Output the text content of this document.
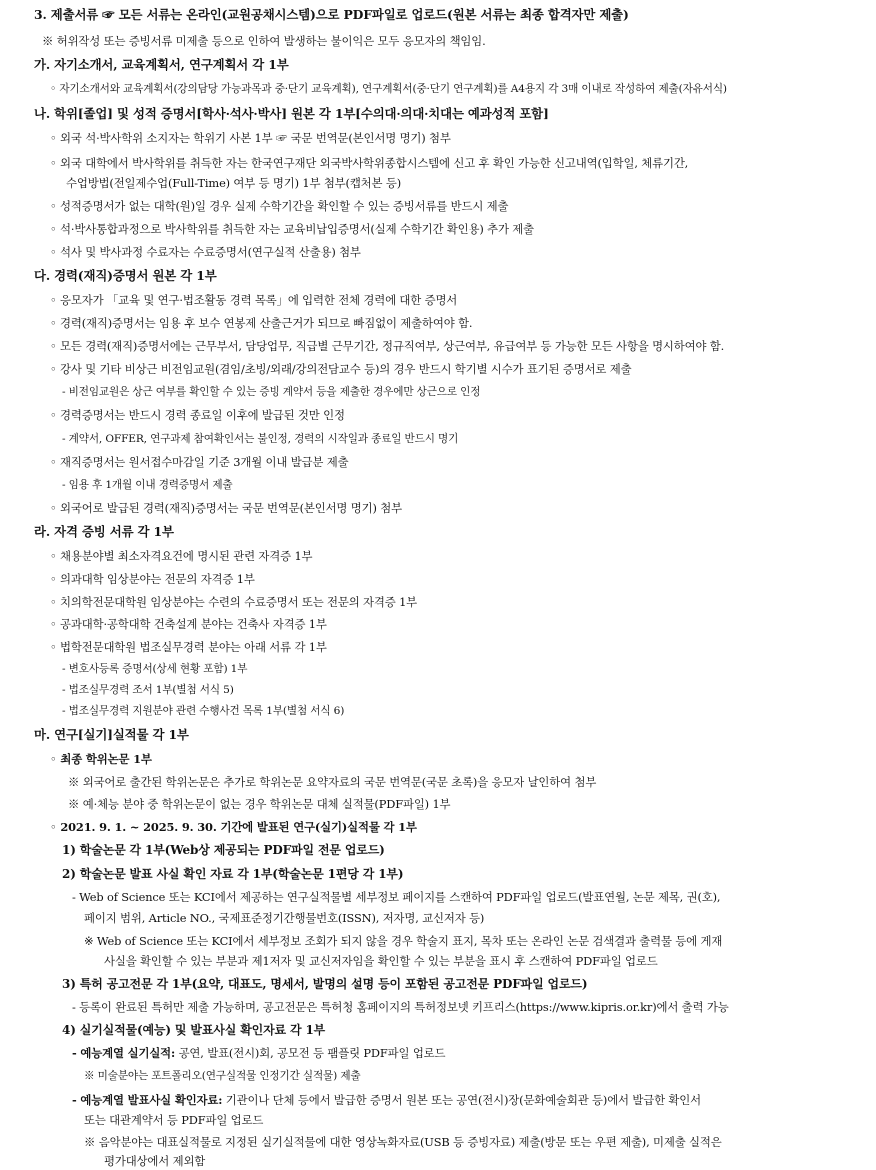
3. 제출서류 ☞ 모든 서류는 온라인(교원공채시스템)으로 PDF파일로 업로드(원본 서류는 최종 합격자만 제출)
※ 허위작성 또는 증빙서류 미제출 등으로 인하여 발생하는 불이익은 모두 응모자의 책임임.
가. 자기소개서, 교육계획서, 연구계획서 각 1부
◦ 자기소개서와 교육계획서(강의담당 가능과목과 중·단기 교육계획), 연구계획서(중·단기 연구계획)를 A4용지 각 3매 이내로 작성하여 제출(자유서식)
나. 학위[졸업] 및 성적 증명서[학사·석사·박사] 원본 각 1부[수의대·의대·치대는 예과성적 포함]
◦ 외국 석·박사학위 소지자는 학위기 사본 1부 ☞ 국문 번역문(본인서명 명기) 첨부
◦ 외국 대학에서 박사학위를 취득한 자는 한국연구재단 외국박사학위종합시스템에 신고 후 확인 가능한 신고내역(입학일, 체류기간,
수업방법(전일제수업(Full-Time) 여부 등 명기) 1부 첨부(캡처본 등)
◦ 성적증명서가 없는 대학(원)일 경우 실제 수학기간을 확인할 수 있는 증빙서류를 반드시 제출
◦ 석·박사통합과정으로 박사학위를 취득한 자는 교육비납입증명서(실제 수학기간 확인용) 추가 제출
◦ 석사 및 박사과정 수료자는 수료증명서(연구실적 산출용) 첨부
다. 경력(재직)증명서 원본 각 1부
◦ 응모자가 「교육 및 연구·법조활동 경력 목록」에 입력한 전체 경력에 대한 증명서
◦ 경력(재직)증명서는 임용 후 보수 연봉제 산출근거가 되므로 빠짐없이 제출하여야 함.
◦ 모든 경력(재직)증명서에는 근무부서, 담당업무, 직급별 근무기간, 정규직여부, 상근여부, 유급여부 등 가능한 모든 사항을 명시하여야 함.
◦ 강사 및 기타 비상근 비전임교원(겸임/초빙/외래/강의전담교수 등)의 경우 반드시 학기별 시수가 표기된 증명서로 제출
- 비전임교원은 상근 여부를 확인할 수 있는 증빙 계약서 등을 제출한 경우에만 상근으로 인정
◦ 경력증명서는 반드시 경력 종료일 이후에 발급된 것만 인정
- 계약서, OFFER, 연구과제 참여확인서는 불인정, 경력의 시작일과 종료일 반드시 명기
◦ 재직증명서는 원서접수마감일 기준 3개월 이내 발급분 제출
- 임용 후 1개월 이내 경력증명서 제출
◦ 외국어로 발급된 경력(재직)증명서는 국문 번역문(본인서명 명기) 첨부
라. 자격 증빙 서류 각 1부
◦ 채용분야별 최소자격요건에 명시된 관련 자격증 1부
◦ 의과대학 임상분야는 전문의 자격증 1부
◦ 치의학전문대학원 임상분야는 수련의 수료증명서 또는 전문의 자격증 1부
◦ 공과대학·공학대학 건축설계 분야는 건축사 자격증 1부
◦ 법학전문대학원 법조실무경력 분야는 아래 서류 각 1부
- 변호사등록 증명서(상세 현황 포함) 1부
- 법조실무경력 조서 1부(별첨 서식 5)
- 법조실무경력 지원분야 관련 수행사건 목록 1부(별첨 서식 6)
마. 연구[실기]실적물 각 1부
◦ 최종 학위논문 1부
※ 외국어로 출간된 학위논문은 추가로 학위논문 요약자료의 국문 번역문(국문 초록)을 응모자 날인하여 첨부
※ 예·체능 분야 중 학위논문이 없는 경우 학위논문 대체 실적물(PDF파일) 1부
◦ 2021. 9. 1. ~ 2025. 9. 30. 기간에 발표된 연구(실기)실적물 각 1부
1) 학술논문 각 1부(Web상 제공되는 PDF파일 전문 업로드)
2) 학술논문 발표 사실 확인 자료 각 1부(학술논문 1편당 각 1부)
- Web of Science 또는 KCI에서 제공하는 연구실적물별 세부정보 페이지를 스캔하여 PDF파일 업로드(발표연월, 논문 제목, 권(호),
페이지 범위, Article NO., 국제표준정기간행물번호(ISSN), 저자명, 교신저자 등)
※ Web of Science 또는 KCI에서 세부정보 조회가 되지 않을 경우 학술지 표지, 목차 또는 온라인 논문 검색결과 출력물 등에 게재
사실을 확인할 수 있는 부분과 제1저자 및 교신저자임을 확인할 수 있는 부분을 표시 후 스캔하여 PDF파일 업로드
3) 특허 공고전문 각 1부(요약, 대표도, 명세서, 발명의 설명 등이 포함된 공고전문 PDF파일 업로드)
- 등록이 완료된 특허만 제출 가능하며, 공고전문은 특허청 홈페이지의 특허정보넷 키프리스(https://www.kipris.or.kr)에서 출력 가능
4) 실기실적물(예능) 및 발표사실 확인자료 각 1부
- 예능계열 실기실적: 공연, 발표(전시)회, 공모전 등 팸플릿 PDF파일 업로드
※ 미술분야는 포트폴리오(연구실적물 인정기간 실적물) 제출
- 예능계열 발표사실 확인자료: 기관이나 단체 등에서 발급한 증명서 원본 또는 공연(전시)장(문화예술회관 등)에서 발급한 확인서
또는 대관계약서 등 PDF파일 업로드
※ 음악분야는 대표실적물로 지정된 실기실적물에 대한 영상녹화자료(USB 등 증빙자료) 제출(방문 또는 우편 제출), 미제출 실적은
평가대상에서 제외함
